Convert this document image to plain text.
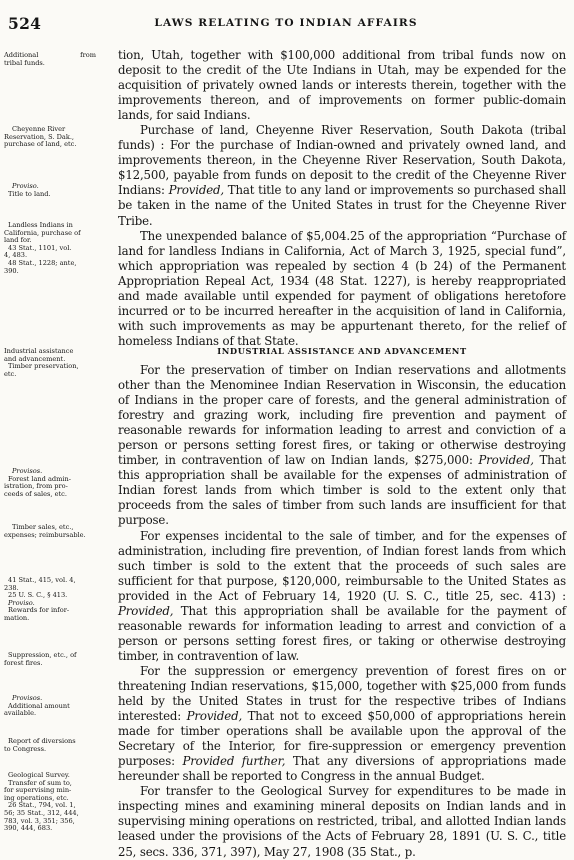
524	LAWS RELATING TO INDIAN AFFAIRS
Additional from
tribal funds.
Cheyenne River
Reservation, S. Dak.,
purchase of land, etc.
Proviso.
Title to land.
Landless Indians in
California, purchase of
land for.
43 Stat., 1101, vol.
4, 483.
48 Stat., 1228; ante,
390.
Industrial assistance
and advancement.
Timber preservation,
etc.
Provisos.
Forest land admin-
istration, from pro-
ceeds of sales, etc.
Timber sales, etc.,
expenses; reimbursable.
41 Stat., 415, vol. 4,
238.
25 U. S. C., § 413.
Proviso.
Rewards for infor-
mation.
Suppression, etc., of
forest fires.
Provisos.
Additional amount
available.
Report of diversions
to Congress.
Geological Survey.
Transfer of sum to,
for supervising min-
ing operations, etc.
26 Stat., 794, vol. 1,
56; 35 Stat., 312, 444,
783, vol. 3, 351; 356,
390, 444, 683.

tion, Utah, together with $100,000 additional from tribal funds now on deposit to the credit of the Ute Indians in Utah, may be expended for the acquisition of privately owned lands or interests therein, together with the improvements thereon, and of improvements on former public-domain lands, for said Indians.

Purchase of land, Cheyenne River Reservation, South Dakota (tribal funds) : For the purchase of Indian-owned and privately owned land, and improvements thereon, in the Cheyenne River Reservation, South Dakota, $12,500, payable from funds on deposit to the credit of the Cheyenne River Indians: Provided, That title to any land or improvements so purchased shall be taken in the name of the United States in trust for the Cheyenne River Tribe.

The unexpended balance of $5,004.25 of the appropriation “Purchase of land for landless Indians in California, Act of March 3, 1925, special fund”, which appropriation was repealed by section 4 (b 24) of the Permanent Appropriation Repeal Act, 1934 (48 Stat. 1227), is hereby reappropriated and made available until expended for payment of obligations heretofore incurred or to be incurred hereafter in the acquisition of land in California, with such improvements as may be appurtenant thereto, for the relief of homeless Indians of that State.

INDUSTRIAL ASSISTANCE AND ADVANCEMENT

For the preservation of timber on Indian reservations and allotments other than the Menominee Indian Reservation in Wisconsin, the education of Indians in the proper care of forests, and the general administration of forestry and grazing work, including fire prevention and payment of reasonable rewards for information leading to arrest and conviction of a person or persons setting forest fires, or taking or otherwise destroying timber, in contravention of law on Indian lands, $275,000: Provided, That this appropriation shall be available for the expenses of administration of Indian forest lands from which timber is sold to the extent only that proceeds from the sales of timber from such lands are insufficient for that purpose.

For expenses incidental to the sale of timber, and for the expenses of administration, including fire prevention, of Indian forest lands from which such timber is sold to the extent that the proceeds of such sales are sufficient for that purpose, $120,000, reimbursable to the United States as provided in the Act of February 14, 1920 (U. S. C., title 25, sec. 413) : Provided, That this appropriation shall be available for the payment of reasonable rewards for information leading to arrest and conviction of a person or persons setting forest fires, or taking or otherwise destroying timber, in contravention of law.

For the suppression or emergency prevention of forest fires on or threatening Indian reservations, $15,000, together with $25,000 from funds held by the United States in trust for the respective tribes of Indians interested: Provided, That not to exceed $50,000 of appropriations herein made for timber operations shall be available upon the approval of the Secretary of the Interior, for fire-suppression or emergency prevention purposes: Provided further, That any diversions of appropriations made hereunder shall be reported to Congress in the annual Budget.

For transfer to the Geological Survey for expenditures to be made in inspecting mines and examining mineral deposits on Indian lands and in supervising mining operations on restricted, tribal, and allotted Indian lands leased under the provisions of the Acts of February 28, 1891 (U. S. C., title 25, secs. 336, 371, 397), May 27, 1908 (35 Stat., p.
